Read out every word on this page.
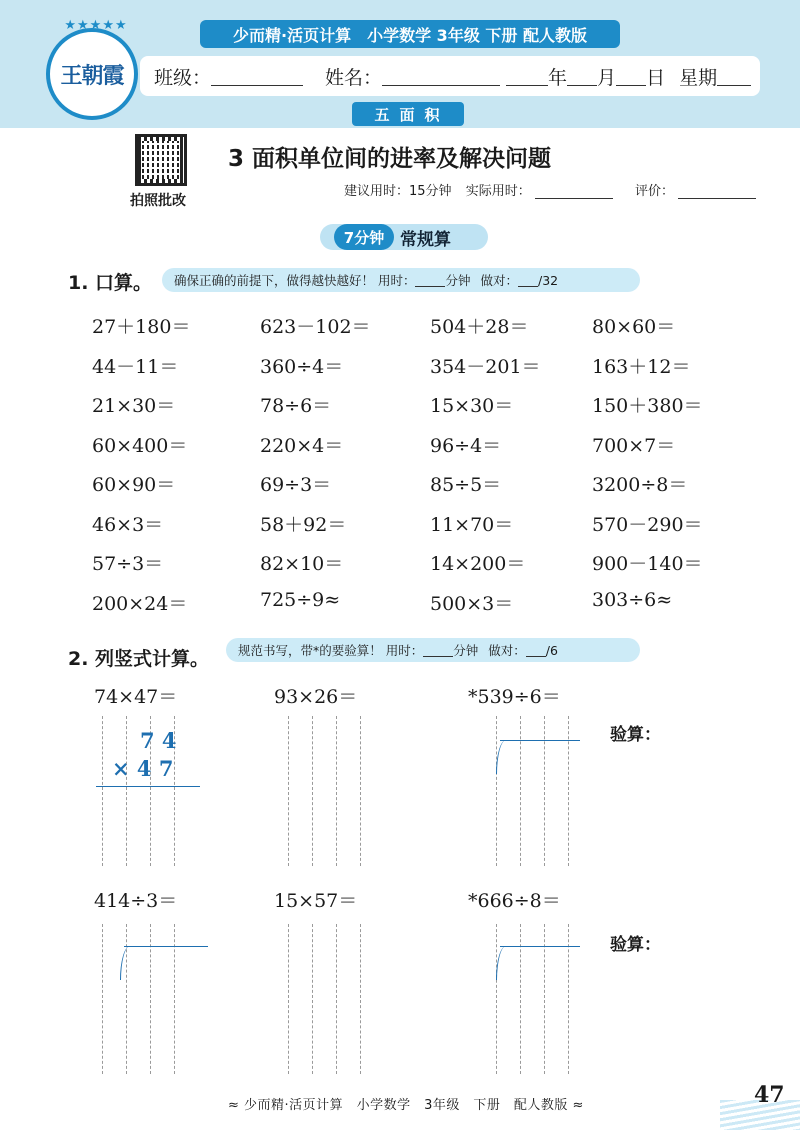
少而精·活页计算　小学数学 3年级 下册 配人教版
★★★★★
王朝霞 班级：	姓名：	年 月 日 星期
五面积
拍照批改
3 面积单位间的进率及解决问题
建议用时：15分钟 实际用时：	评价：
7分钟 常规算
1. 口算。 确保正确的前提下，做得越快越好！ 用时： 分钟 做对： /32
27＋180＝	623－102＝	504＋28＝	80×60＝
44－11＝	360÷4＝	354－201＝	163＋12＝
21×30＝	78÷6＝	15×30＝	150＋380＝
60×400＝	220×4＝	96÷4＝	700×7＝
60×90＝	69÷3＝	85÷5＝	3200÷8＝
46×3＝	58＋92＝	11×70＝	570－290＝
57÷3＝	82×10＝	14×200＝	900－140＝
200×24＝	725÷9≈	500×3＝	303÷6≈
2. 列竖式计算。 规范书写，带*的要验算！ 用时： 分钟 做对： /6
74×47＝	93×26＝	*539÷6＝
验算：
7 4
× 4 7
414÷3＝	15×57＝	*666÷8＝
验算：
≈ 少而精·活页计算　小学数学　3年级　下册　配人教版 ≈	47
